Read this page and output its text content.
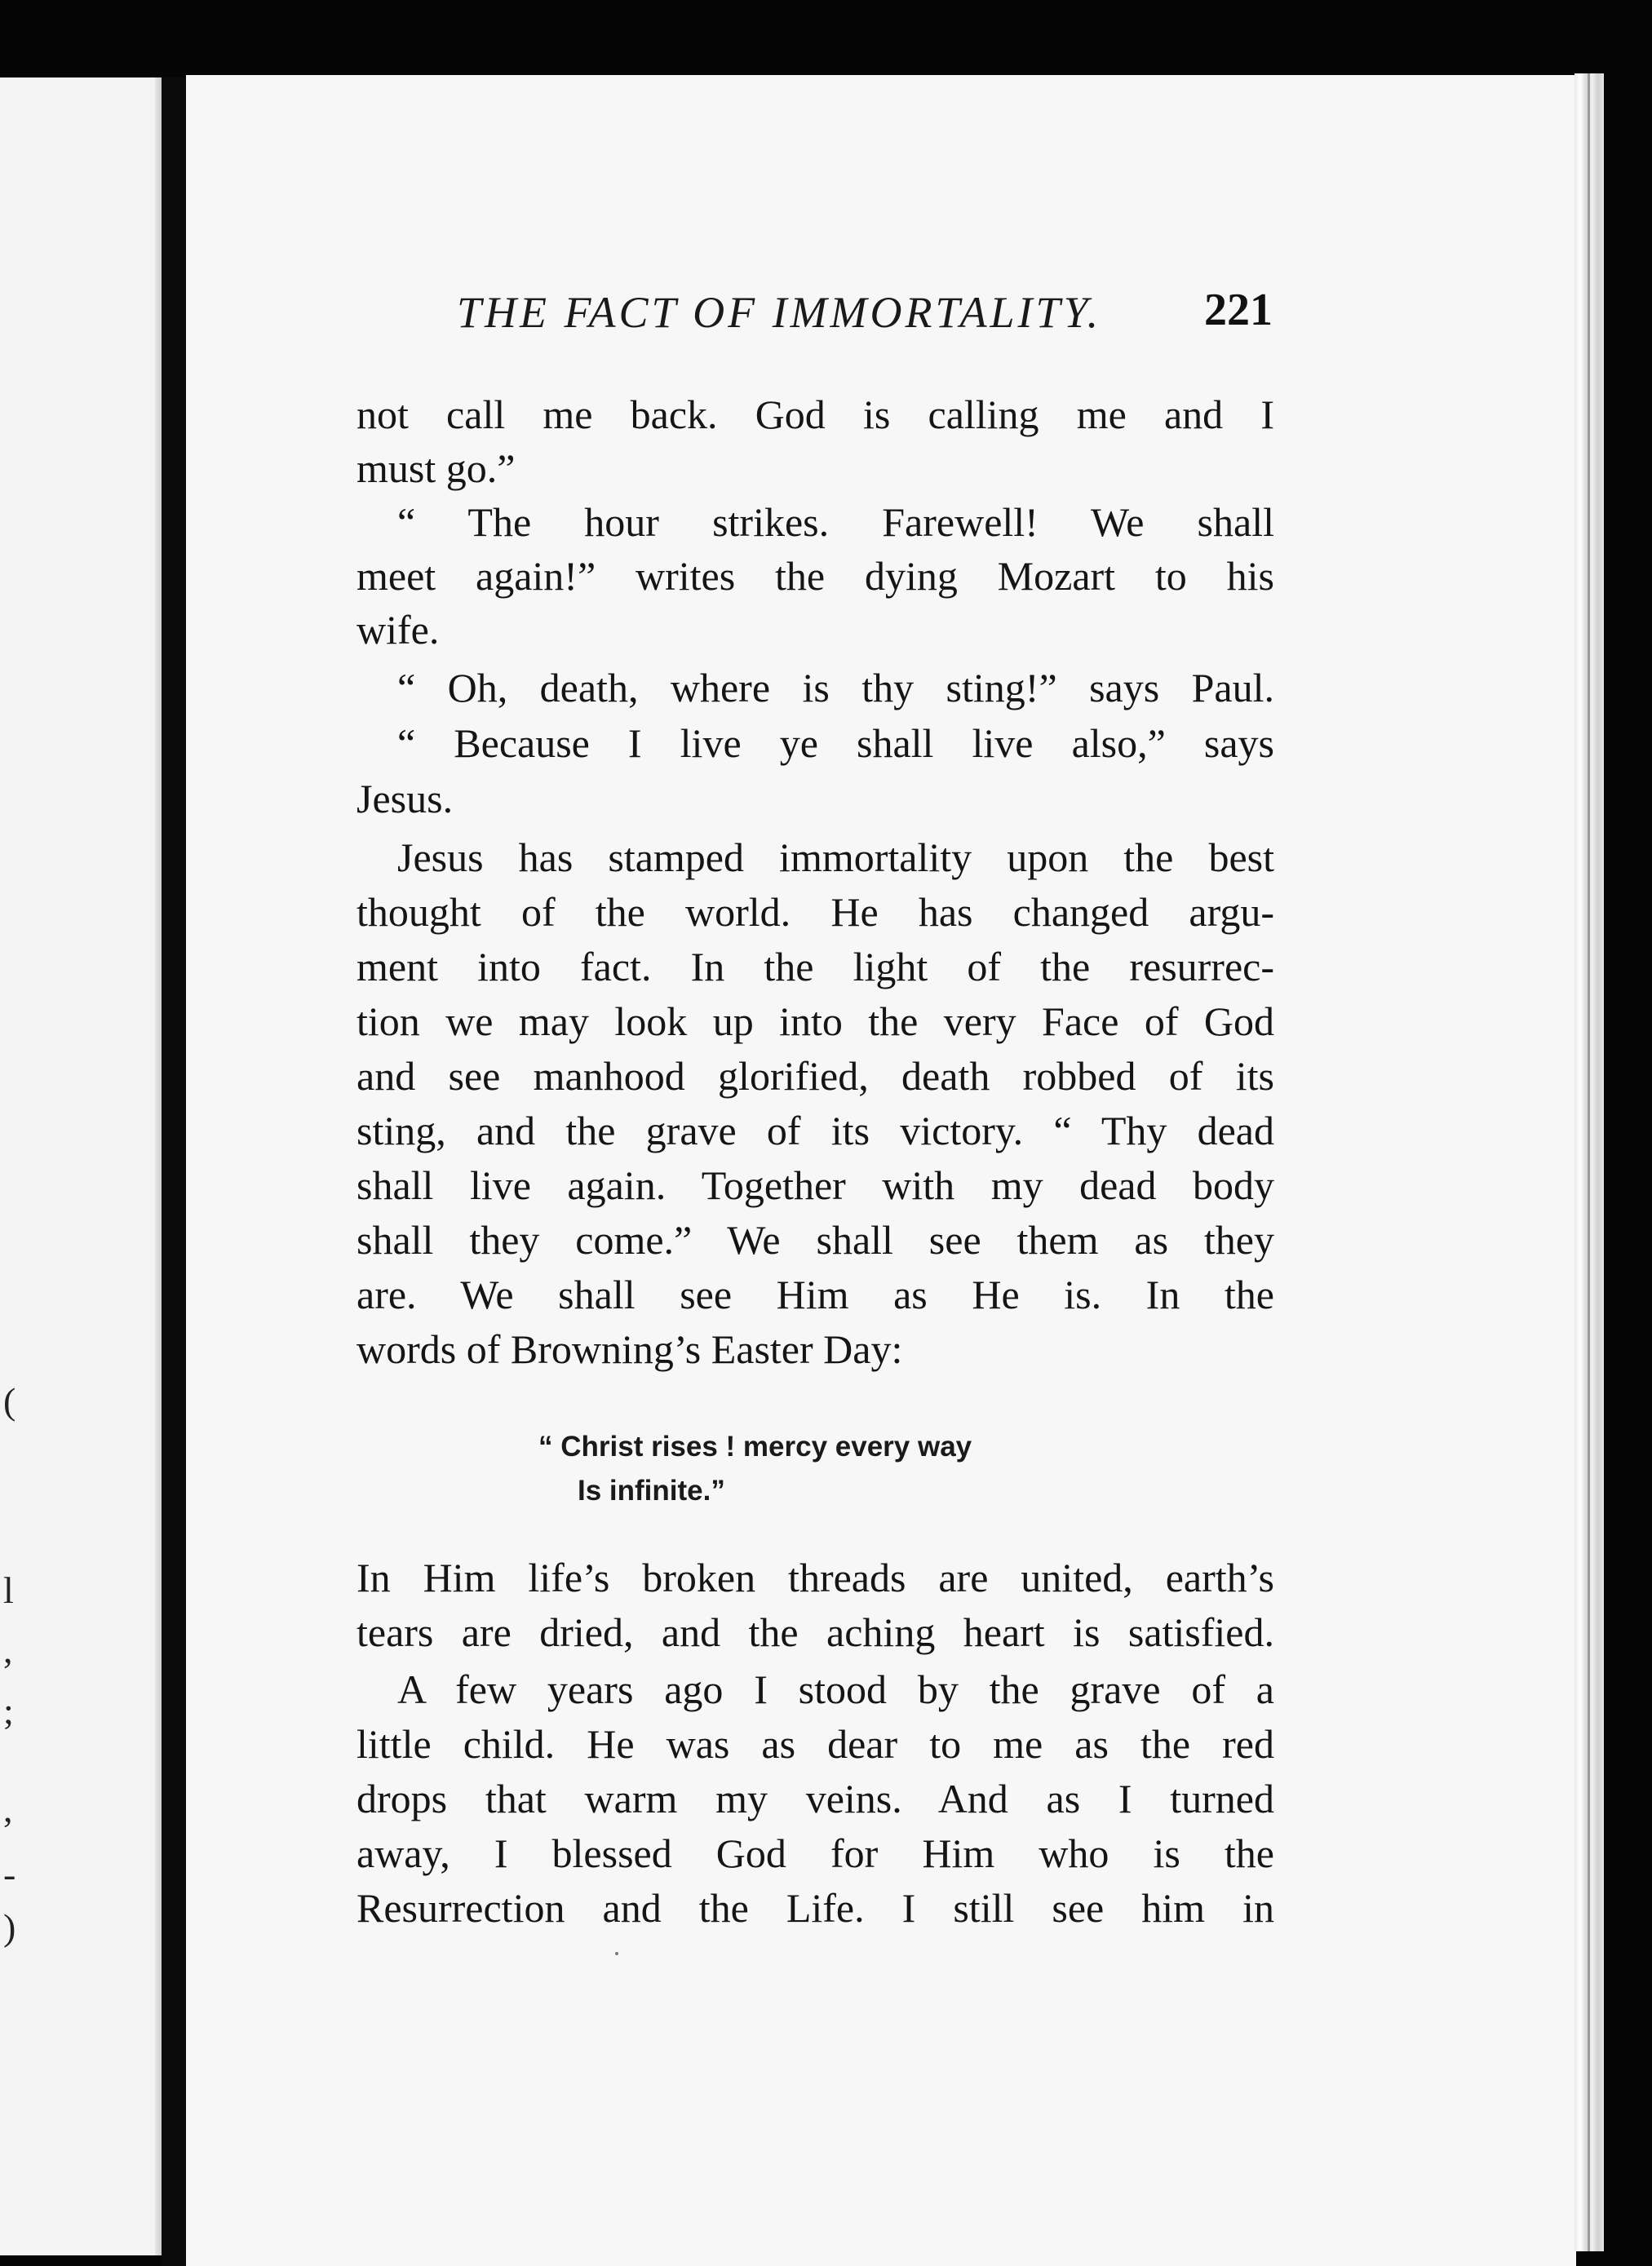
(
l
,
;
,
-
)
THE FACT OF IMMORTALITY. 221
not call me back. God is calling me and I
must go.”
“ The hour strikes. Farewell! We shall
meet again!” writes the dying Mozart to his
wife.
“ Oh, death, where is thy sting!” says Paul.
“ Because I live ye shall live also,” says
Jesus.
Jesus has stamped immortality upon the best
thought of the world. He has changed argu-
ment into fact. In the light of the resurrec-
tion we may look up into the very Face of God
and see manhood glorified, death robbed of its
sting, and the grave of its victory. “ Thy dead
shall live again. Together with my dead body
shall they come.” We shall see them as they
are. We shall see Him as He is. In the
words of Browning’s Easter Day:
“ Christ rises ! mercy every way
Is infinite.”
In Him life’s broken threads are united, earth’s
tears are dried, and the aching heart is satisfied.
A few years ago I stood by the grave of a
little child. He was as dear to me as the red
drops that warm my veins. And as I turned
away, I blessed God for Him who is the
Resurrection and the Life. I still see him in
